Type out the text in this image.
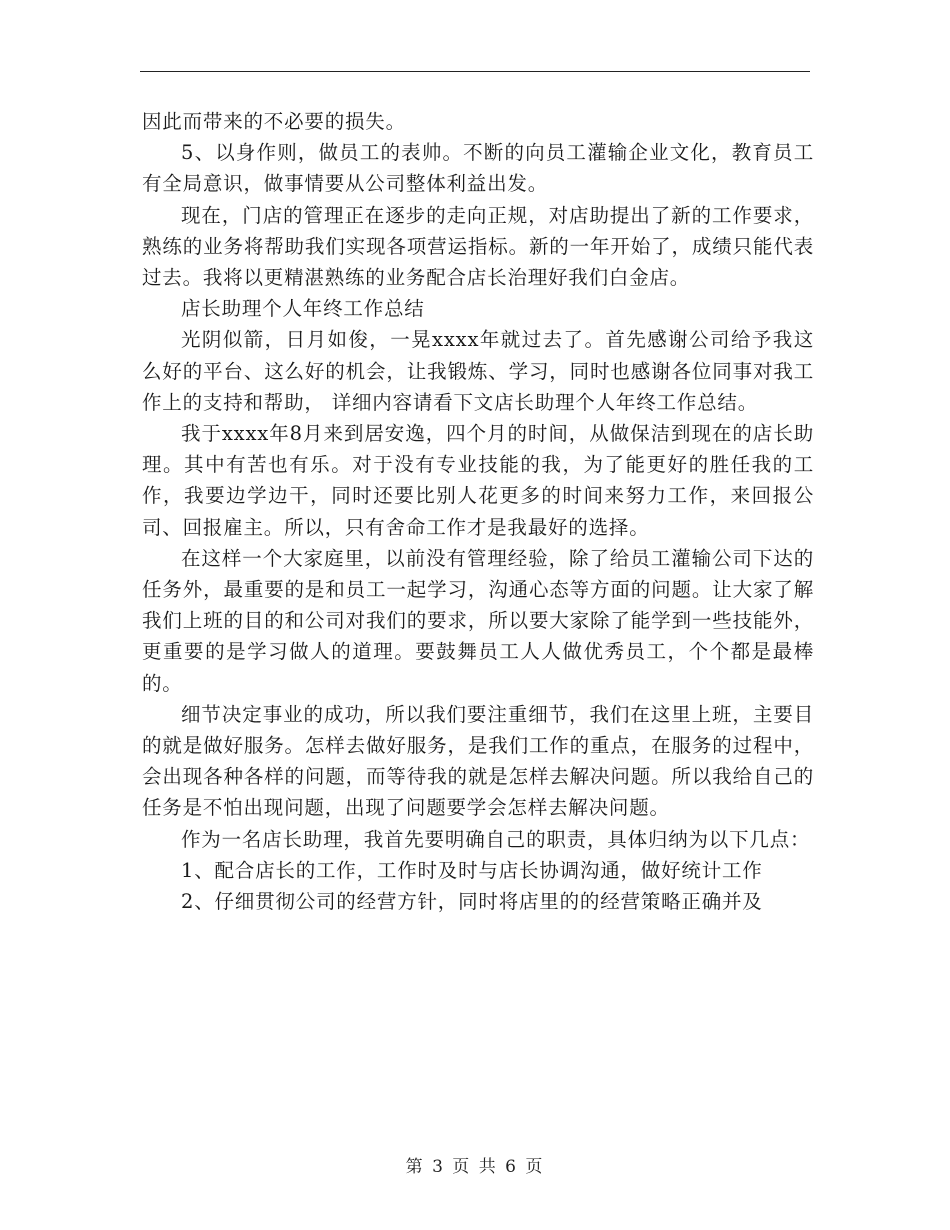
因此而带来的不必要的损失。

5、以身作则，做员工的表帅。不断的向员工灌输企业文化，教育员工有全局意识，做事情要从公司整体利益出发。

现在，门店的管理正在逐步的走向正规，对店助提出了新的工作要求，熟练的业务将帮助我们实现各项营运指标。新的一年开始了，成绩只能代表过去。我将以更精湛熟练的业务配合店长治理好我们白金店。

店长助理个人年终工作总结

光阴似箭，日月如俊，一晃xxxx年就过去了。首先感谢公司给予我这么好的平台、这么好的机会，让我锻炼、学习，同时也感谢各位同事对我工作上的支持和帮助， 详细内容请看下文店长助理个人年终工作总结。

我于xxxx年8月来到居安逸，四个月的时间，从做保洁到现在的店长助理。其中有苦也有乐。对于没有专业技能的我，为了能更好的胜任我的工作，我要边学边干，同时还要比别人花更多的时间来努力工作，来回报公司、回报雇主。所以，只有舍命工作才是我最好的选择。

在这样一个大家庭里，以前没有管理经验，除了给员工灌输公司下达的任务外，最重要的是和员工一起学习，沟通心态等方面的问题。让大家了解我们上班的目的和公司对我们的要求，所以要大家除了能学到一些技能外，更重要的是学习做人的道理。要鼓舞员工人人做优秀员工，个个都是最棒的。

细节决定事业的成功，所以我们要注重细节，我们在这里上班，主要目的就是做好服务。怎样去做好服务，是我们工作的重点，在服务的过程中，会出现各种各样的问题，而等待我的就是怎样去解决问题。所以我给自己的任务是不怕出现问题，出现了问题要学会怎样去解决问题。

作为一名店长助理，我首先要明确自己的职责，具体归纳为以下几点：

1、配合店长的工作，工作时及时与店长协调沟通，做好统计工作

2、仔细贯彻公司的经营方针，同时将店里的的经营策略正确并及

第 3 页 共 6 页
